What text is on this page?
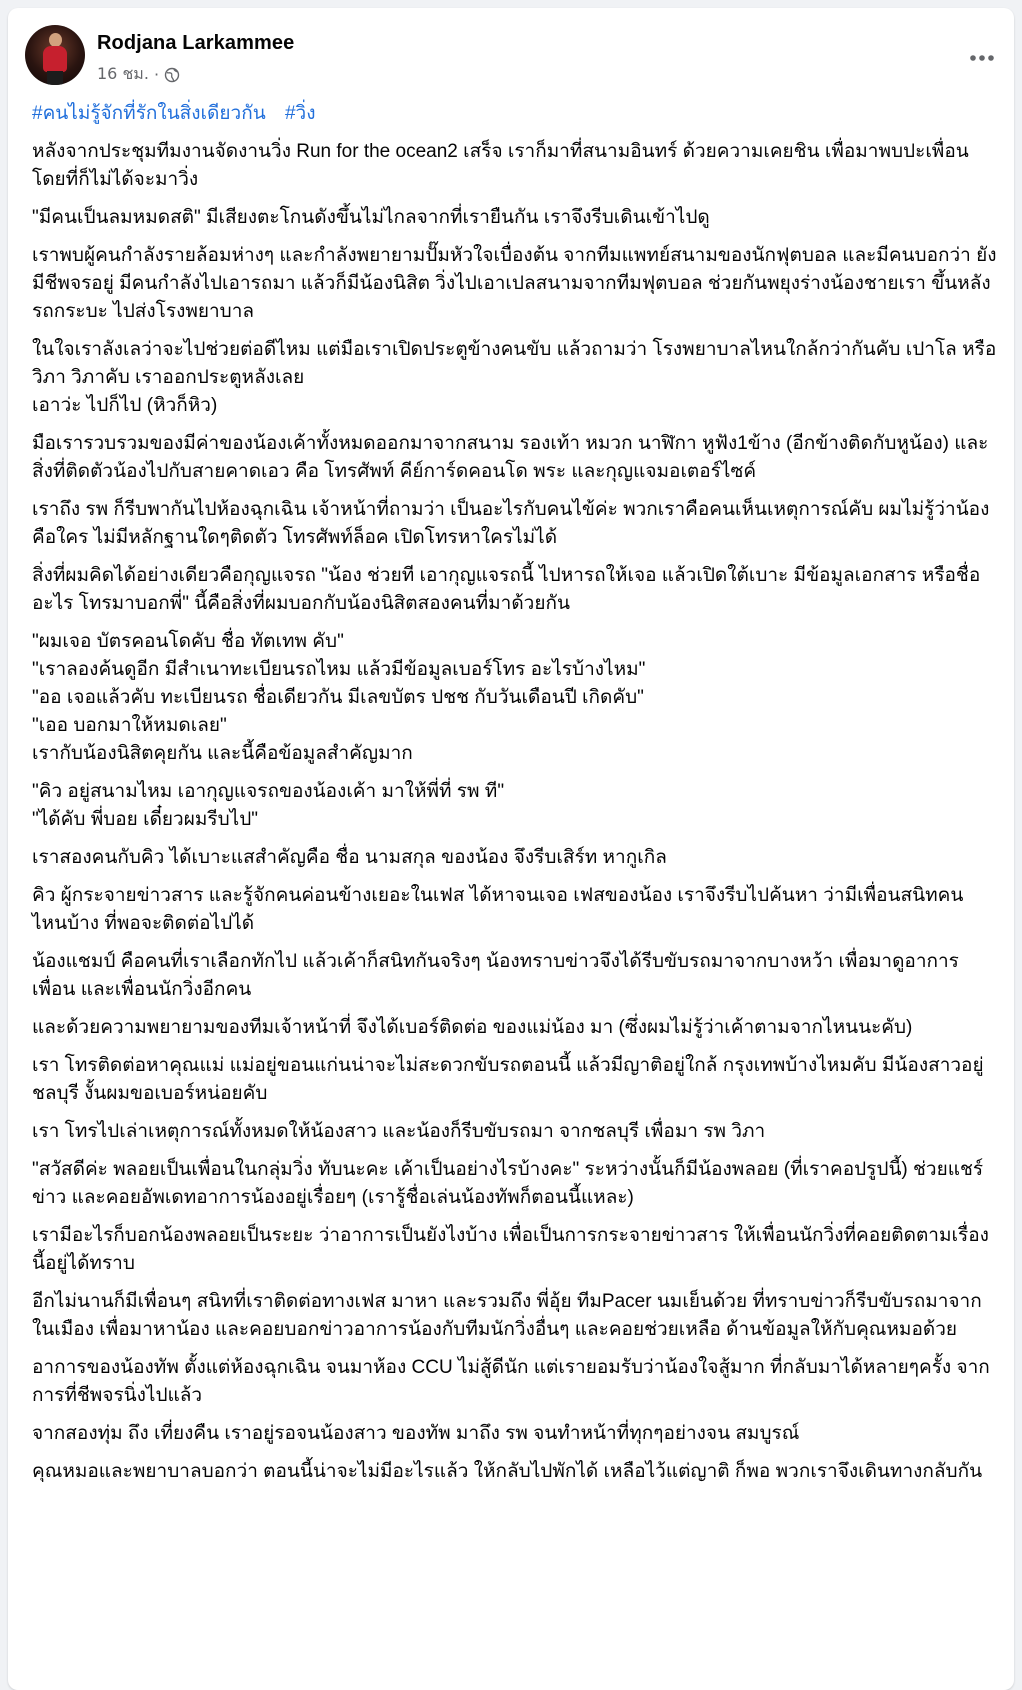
Rodjana Larkammee
16 ชม. ·
#คนไม่รู้จักที่รักในสิ่งเดียวกัน #วิ่ง

หลังจากประชุมทีมงานจัดงานวิ่ง Run for the ocean2 เสร็จ เราก็มาที่สนามอินทร์ ด้วยความเคยชิน เพื่อมาพบปะเพื่อน โดยที่ก็ไม่ได้จะมาวิ่ง

"มีคนเป็นลมหมดสติ" มีเสียงตะโกนดังขึ้นไม่ไกลจากที่เรายืนกัน เราจึงรีบเดินเข้าไปดู

เราพบผู้คนกำลังรายล้อมห่างๆ และกำลังพยายามปั๊มหัวใจเบื่องต้น จากทีมแพทย์สนามของนักฟุตบอล และมีคนบอกว่า ยังมีชีพจรอยู่ มีคนกำลังไปเอารถมา แล้วก็มีน้องนิสิต วิ่งไปเอาเปลสนามจากทีมฟุตบอล ช่วยกันพยุงร่างน้องชายเรา ขึ้นหลังรถกระบะ ไปส่งโรงพยาบาล

ในใจเราลังเลว่าจะไปช่วยต่อดีไหม แต่มือเราเปิดประตูข้างคนขับ แล้วถามว่า โรงพยาบาลไหนใกล้กว่ากันคับ เปาโล หรือ วิภา วิภาคับ เราออกประตูหลังเลย
เอาว่ะ ไปก็ไป (หิวก็หิว)

มือเรารวบรวมของมีค่าของน้องเค้าทั้งหมดออกมาจากสนาม รองเท้า หมวก นาฬิกา หูฟัง1ข้าง (อีกข้างติดกับหูน้อง) และ สิ่งที่ติดตัวน้องไปกับสายคาดเอว คือ โทรศัพท์ คีย์การ์ดคอนโด พระ และกุญแจมอเตอร์ไซค์

เราถึง รพ ก็รีบพากันไปห้องฉุกเฉิน เจ้าหน้าที่ถามว่า เป็นอะไรกับคนไข้ค่ะ พวกเราคือคนเห็นเหตุการณ์คับ ผมไม่รู้ว่าน้องคือใคร ไม่มีหลักฐานใดๆติดตัว โทรศัพท์ล็อค เปิดโทรหาใครไม่ได้

สิ่งที่ผมคิดได้อย่างเดียวคือกุญแจรถ "น้อง ช่วยที เอากุญแจรถนี้ ไปหารถให้เจอ แล้วเปิดใต้เบาะ มีข้อมูลเอกสาร หรือชื่ออะไร โทรมาบอกพี่" นี้คือสิ่งที่ผมบอกกับน้องนิสิตสองคนที่มาด้วยกัน

"ผมเจอ บัตรคอนโดคับ ชื่อ ทัตเทพ คับ"
"เราลองค้นดูอีก มีสำเนาทะเบียนรถไหม แล้วมีข้อมูลเบอร์โทร อะไรบ้างไหม"
"ออ เจอแล้วคับ ทะเบียนรถ ชื่อเดียวกัน มีเลขบัตร ปชช กับวันเดือนปี เกิดคับ"
"เออ บอกมาให้หมดเลย"
เรากับน้องนิสิตคุยกัน และนี้คือข้อมูลสำคัญมาก

"คิว อยู่สนามไหม เอากุญแจรถของน้องเค้า มาให้พี่ที่ รพ ที"
"ได้คับ พี่บอย เดี๋ยวผมรีบไป"

เราสองคนกับคิว ได้เบาะแสสำคัญคือ ชื่อ นามสกุล ของน้อง จึงรีบเสิร์ท หากูเกิล

คิว ผู้กระจายข่าวสาร และรู้จักคนค่อนข้างเยอะในเฟส ได้หาจนเจอ เฟสของน้อง เราจึงรีบไปค้นหา ว่ามีเพื่อนสนิทคนไหนบ้าง ที่พอจะติดต่อไปได้

น้องแชมป์ คือคนที่เราเลือกทักไป แล้วเค้าก็สนิทกันจริงๆ น้องทราบข่าวจึงได้รีบขับรถมาจากบางหว้า เพื่อมาดูอาการเพื่อน และเพื่อนนักวิ่งอีกคน

และด้วยความพยายามของทีมเจ้าหน้าที่ จึงได้เบอร์ติดต่อ ของแม่น้อง มา (ซึ่งผมไม่รู้ว่าเค้าตามจากไหนนะคับ)

เรา โทรติดต่อหาคุณแม่ แม่อยู่ขอนแก่นน่าจะไม่สะดวกขับรถตอนนี้ แล้วมีญาติอยู่ใกล้ กรุงเทพบ้างไหมคับ มีน้องสาวอยู่ชลบุรี งั้นผมขอเบอร์หน่อยคับ

เรา โทรไปเล่าเหตุการณ์ทั้งหมดให้น้องสาว และน้องก็รีบขับรถมา จากชลบุรี เพื่อมา รพ วิภา

"สวัสดีค่ะ พลอยเป็นเพื่อนในกลุ่มวิ่ง ทับนะคะ เค้าเป็นอย่างไรบ้างคะ" ระหว่างนั้นก็มีน้องพลอย (ที่เราคอปรูปนี้) ช่วยแชร์ข่าว และคอยอัพเดทอาการน้องอยู่เรื่อยๆ (เรารู้ชื่อเล่นน้องทัพก็ตอนนี้แหละ)

เรามีอะไรก็บอกน้องพลอยเป็นระยะ ว่าอาการเป็นยังไงบ้าง เพื่อเป็นการกระจายข่าวสาร ให้เพื่อนนักวิ่งที่คอยติดตามเรื่องนี้อยู่ได้ทราบ

อีกไม่นานก็มีเพื่อนๆ สนิทที่เราติดต่อทางเฟส มาหา และรวมถึง พี่อุ้ย ทีมPacer นมเย็นด้วย ที่ทราบข่าวก็รีบขับรถมาจากในเมือง เพื่อมาหาน้อง และคอยบอกข่าวอาการน้องกับทีมนักวิ่งอื่นๆ และคอยช่วยเหลือ ด้านข้อมูลให้กับคุณหมอด้วย

อาการของน้องทัพ ตั้งแต่ห้องฉุกเฉิน จนมาห้อง CCU ไม่สู้ดีนัก แต่เรายอมรับว่าน้องใจสู้มาก ที่กลับมาได้หลายๆครั้ง จากการที่ชีพจรนิ่งไปแล้ว

จากสองทุ่ม ถึง เที่ยงคืน เราอยู่รอจนน้องสาว ของทัพ มาถึง รพ จนทำหน้าที่ทุกๆอย่างจน สมบูรณ์

คุณหมอและพยาบาลบอกว่า ตอนนี้น่าจะไม่มีอะไรแล้ว ให้กลับไปพักได้ เหลือไว้แต่ญาติ ก็พอ พวกเราจึงเดินทางกลับกัน
